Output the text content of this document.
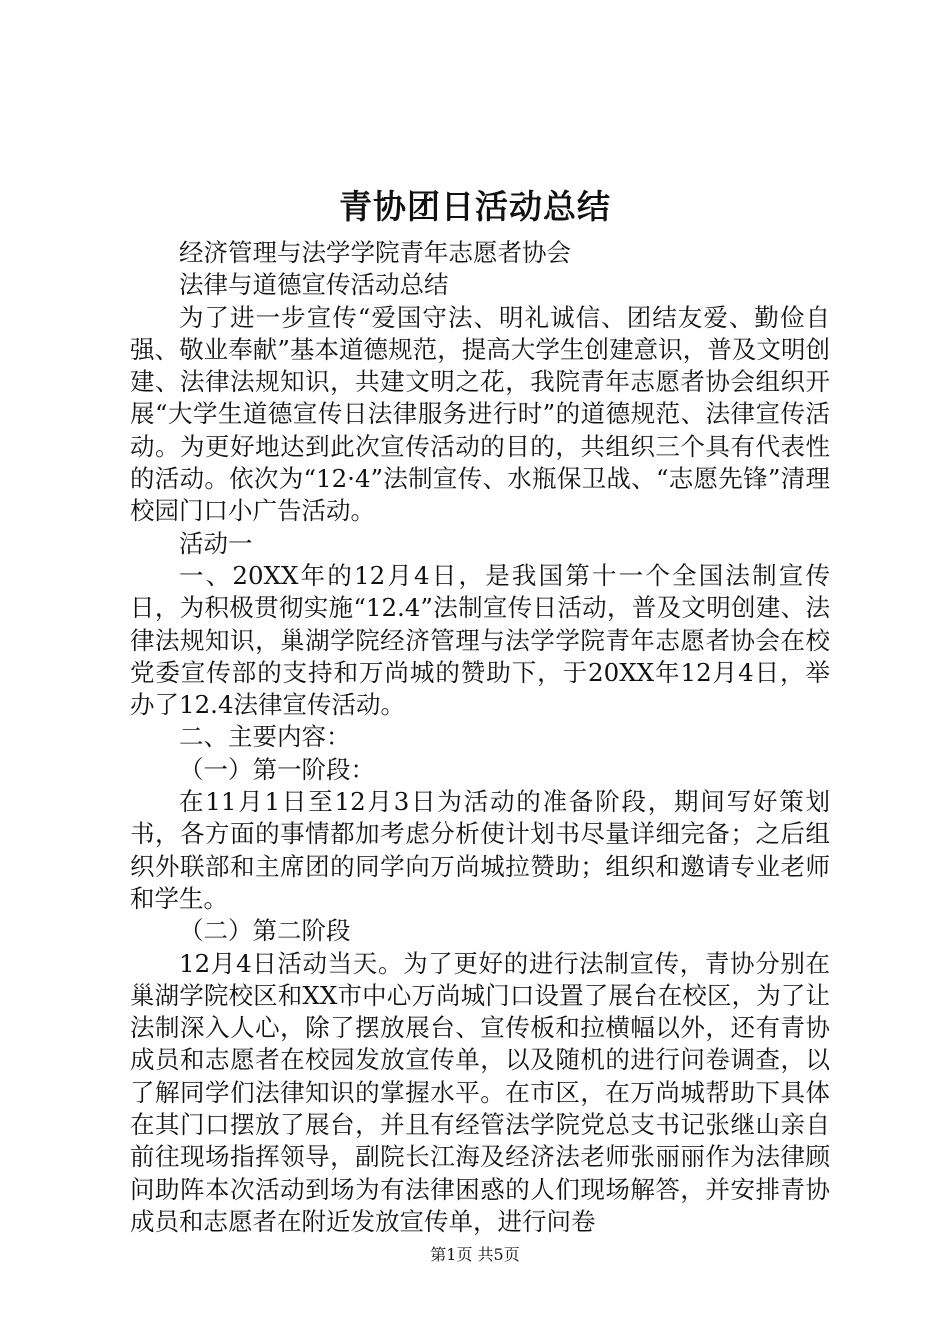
青协团日活动总结

经济管理与法学学院青年志愿者协会

法律与道德宣传活动总结

为了进一步宣传“爱国守法、明礼诚信、团结友爱、勤俭自强、敬业奉献”基本道德规范，提高大学生创建意识，普及文明创建、法律法规知识，共建文明之花，我院青年志愿者协会组织开展“大学生道德宣传日法律服务进行时”的道德规范、法律宣传活动。为更好地达到此次宣传活动的目的，共组织三个具有代表性的活动。依次为“12·4”法制宣传、水瓶保卫战、“志愿先锋”清理校园门口小广告活动。

活动一

一、20XX年的12月4日，是我国第十一个全国法制宣传日，为积极贯彻实施“12.4”法制宣传日活动，普及文明创建、法律法规知识，巢湖学院经济管理与法学学院青年志愿者协会在校党委宣传部的支持和万尚城的赞助下，于20XX年12月4日，举办了12.4法律宣传活动。

二、主要内容：

（一）第一阶段：

在11月1日至12月3日为活动的准备阶段，期间写好策划书，各方面的事情都加考虑分析使计划书尽量详细完备；之后组织外联部和主席团的同学向万尚城拉赞助；组织和邀请专业老师和学生。

（二）第二阶段

12月4日活动当天。为了更好的进行法制宣传，青协分别在巢湖学院校区和XX市中心万尚城门口设置了展台在校区，为了让法制深入人心，除了摆放展台、宣传板和拉横幅以外，还有青协成员和志愿者在校园发放宣传单，以及随机的进行问卷调查，以了解同学们法律知识的掌握水平。在市区，在万尚城帮助下具体在其门口摆放了展台，并且有经管法学院党总支书记张继山亲自前往现场指挥领导，副院长江海及经济法老师张丽丽作为法律顾问助阵本次活动到场为有法律困惑的人们现场解答，并安排青协成员和志愿者在附近发放宣传单，进行问卷

第1页 共5页
